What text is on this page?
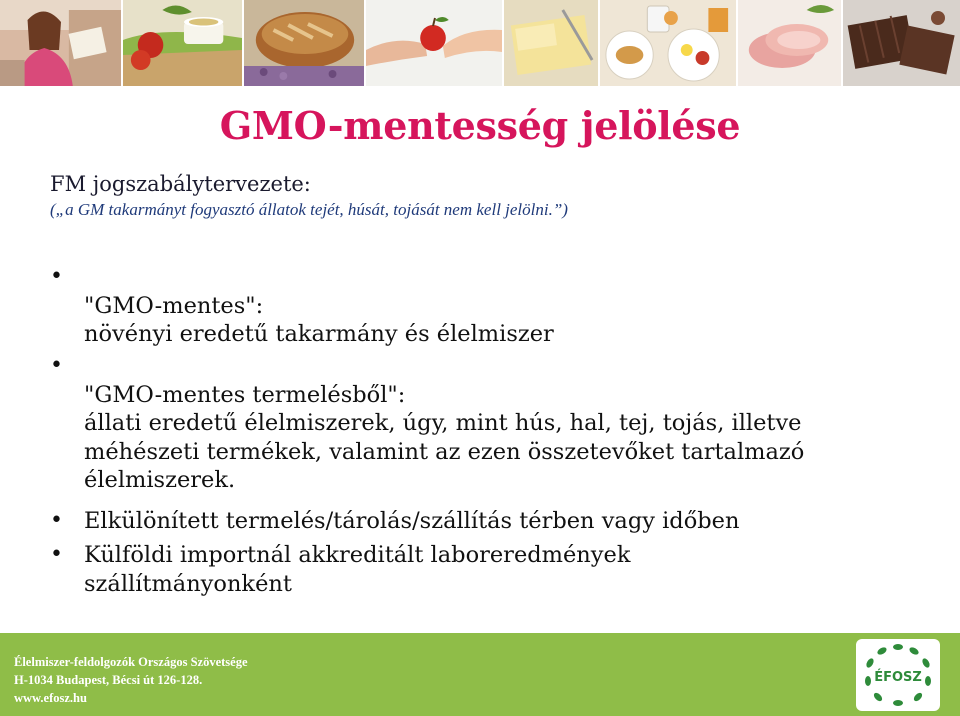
GMO-mentesség jelölése
FM jogszabálytervezete:
(„a GM takarmányt fogyasztó állatok tejét, húsát, tojását nem kell jelölni.”)
•

"GMO-mentes":
növényi eredetű takarmány és élelmiszer

•

"GMO-mentes termelésből":
állati eredetű élelmiszerek, úgy, mint hús, hal, tej, tojás, illetve
méhészeti termékek, valamint az ezen összetevőket tartalmazó
élelmiszerek.

• Elkülönített termelés/tárolás/szállítás térben vagy időben
• Külföldi importnál akkreditált laboreredmények
szállítmányonként
Élelmiszer-feldolgozók Országos Szövetsége
H-1034 Budapest, Bécsi út 126-128.
www.efosz.hu
ÉFOSZ
